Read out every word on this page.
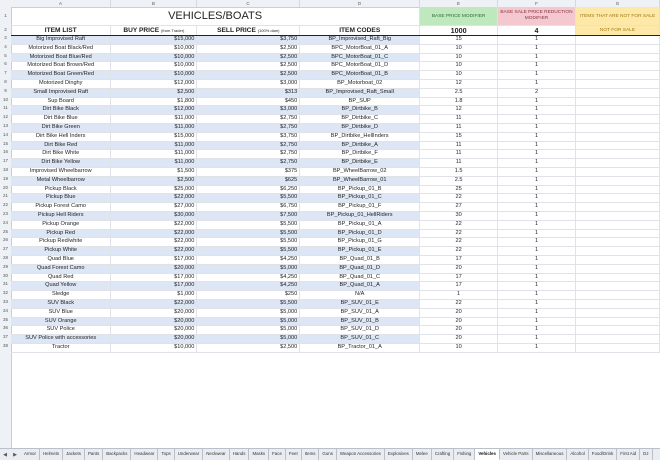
A	B	C	D	E	F	G
1
2
3
4
5
6
7
8
9
10
11
12
13
14
15
16
17
18
19
20
21
22
23
24
25
26
27
28
29
30
31
32
33
34
35
36
37
38
VEHICLES/BOATS				BASE PRICE MODIFIER	BASE SALE PRICE REDUCTION MODIFIER	ITEMS THAT ARE NOT FOR SALE
ITEM LIST	BUY PRICE (from Trader)	SELL PRICE (100% dam)	ITEM CODES	1000	4	NOT FOR SALE
Big Improvised Raft	$15,000	$3,750	BP_Improvised_Raft_Big	15	1	
Motorized Boat Black/Red	$10,000	$2,500	BPC_MotorBoat_01_A	10	1	
Motorized Boat Blue/Red	$10,000	$2,500	BPC_MotorBoat_01_C	10	1	
Motorized Boat Brown/Red	$10,000	$2,500	BPC_MotorBoat_01_D	10	1	
Motorized Boat Green/Red	$10,000	$2,500	BPC_MotorBoat_01_B	10	1	
Motorized Dinghy	$12,000	$3,000	BP_Motorboat_02	12	1	
Small Improvised Raft	$2,500	$313	BP_Improvised_Raft_Small	2.5	2	
Sup Board	$1,800	$450	BP_SUP	1.8	1	
Dirt Bike Black	$12,000	$3,000	BP_Dirtbike_B	12	1	
Dirt Bike Blue	$11,000	$2,750	BP_Dirtbike_C	11	1	
Dirt Bike Green	$11,000	$2,750	BP_Dirtbike_D	11	1	
Dirt Bike Hell Inders	$15,000	$3,750	BP_Dirtbike_HellInders	15	1	
Dirt Bike Red	$11,000	$2,750	BP_Dirtbike_A	11	1	
Dirt Bike White	$11,000	$2,750	BP_Dirtbike_F	11	1	
Dirt Bike Yellow	$11,000	$2,750	BP_Dirtbike_E	11	1	
Improvised Wheelbarrow	$1,500	$375	BP_WheelBarrow_02	1.5	1	
Metal Wheelbarrow	$2,500	$625	BP_WheelBarrow_01	2.5	1	
Pickup Black	$25,000	$6,250	BP_Pickup_01_B	25	1	
Pickup Blue	$22,000	$5,500	BP_Pickup_01_C	22	1	
Pickup Forest Camo	$27,000	$6,750	BP_Pickup_01_F	27	1	
Pickup Hell Riders	$30,000	$7,500	BP_Pickup_01_HellRiders	30	1	
Pickup Orange	$22,000	$5,500	BP_Pickup_01_A	22	1	
Pickup Red	$22,000	$5,500	BP_Pickup_01_D	22	1	
Pickup Red/white	$22,000	$5,500	BP_Pickup_01_G	22	1	
Pickup White	$22,000	$5,500	BP_Pickup_01_E	22	1	
Quad Blue	$17,000	$4,250	BP_Quad_01_B	17	1	
Quad Forest Camo	$20,000	$5,000	BP_Quad_01_D	20	1	
Quad Red	$17,000	$4,250	BP_Quad_01_C	17	1	
Quad Yellow	$17,000	$4,250	BP_Quad_01_A	17	1	
Sledge	$1,000	$250	N/A	1	1	
SUV Black	$22,000	$5,500	BP_SUV_01_E	22	1	
SUV Blue	$20,000	$5,000	BP_SUV_01_A	20	1	
SUV Orange	$20,000	$5,000	BP_SUV_01_B	20	1	
SUV Police	$20,000	$5,000	BP_SUV_01_D	20	1	
SUV Police with accessories	$20,000	$5,000	BP_SUV_01_C	20	1	
Tractor	$10,000	$2,500	BP_Tractor_01_A	10	1	
◀ ▶	Armor	Helmets	Jackets	Pants	Backpacks	Headwear	Tops	Underwear	Neckwear	Hands	Masks	Face	Feet	Items	Guns	Weapon Accessories	Explosives	Melee	Crafting	Fishing	Vehicles	Vehicle Parts	Miscellaneous	Alcohol	Food/Drink	First Aid	DJ
